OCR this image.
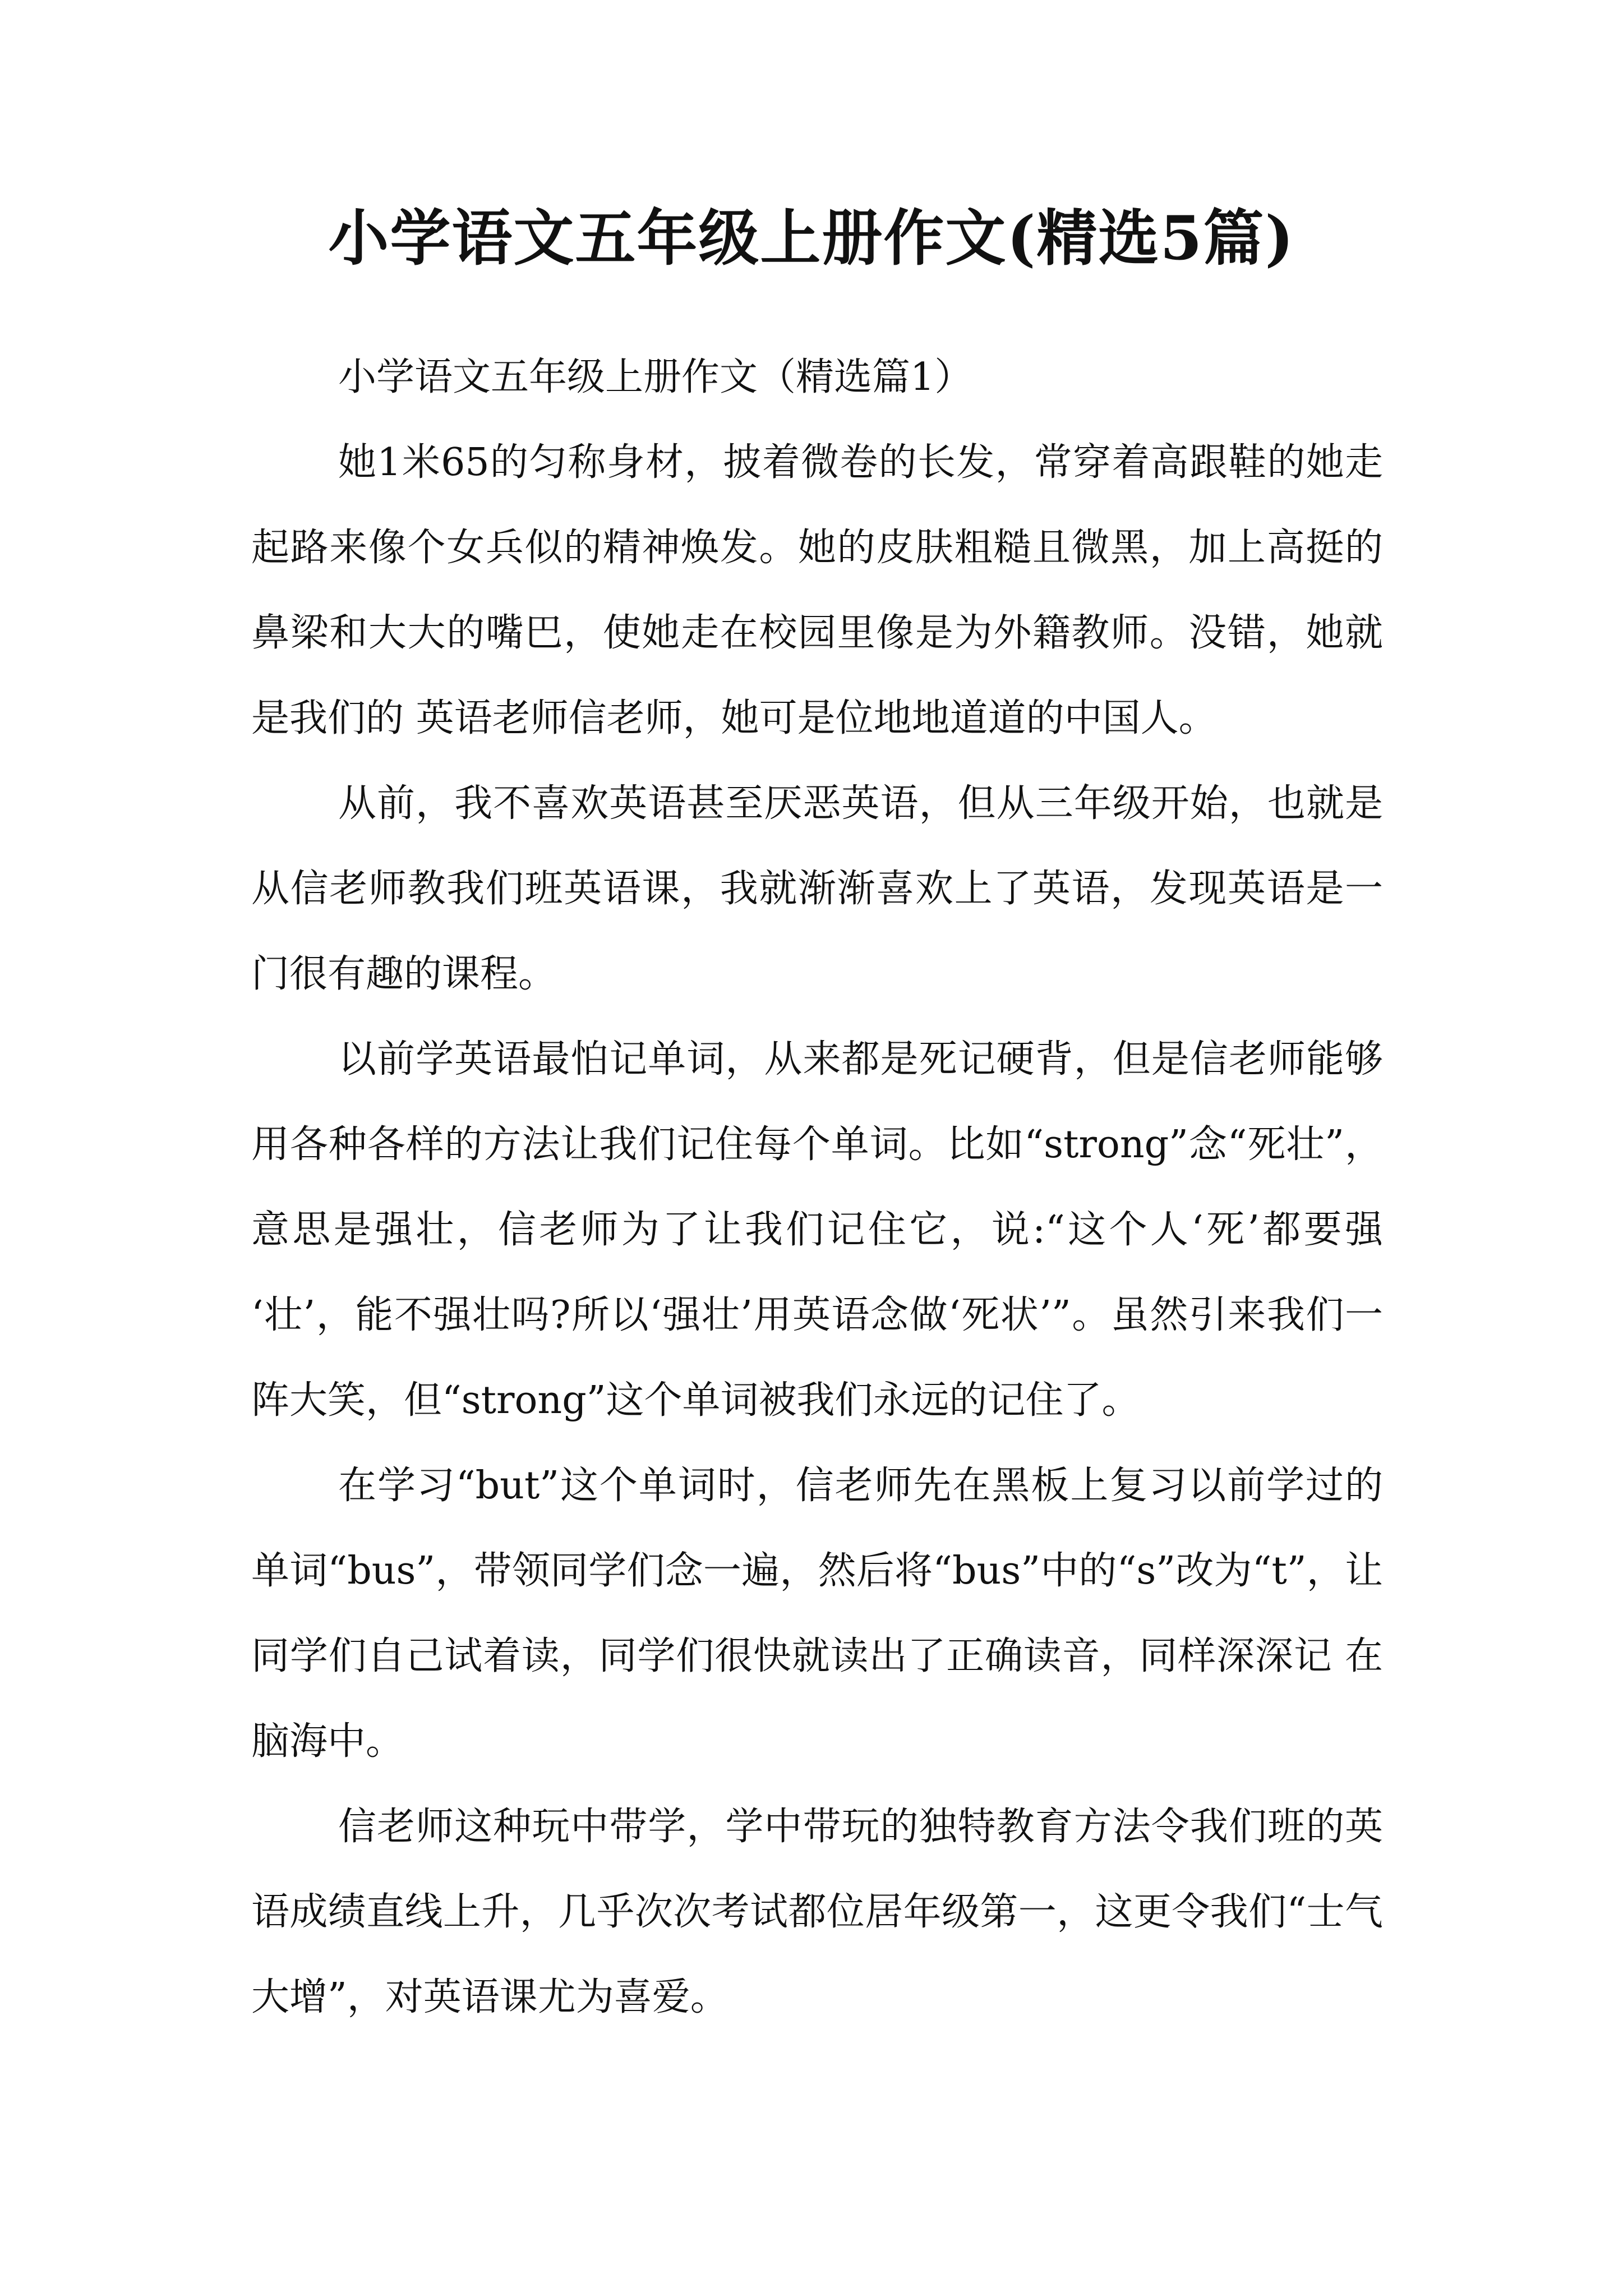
小学语文五年级上册作文(精选5篇)

小学语文五年级上册作文（精选篇1）

她1米65的匀称身材，披着微卷的长发，常穿着高跟鞋的她走起路来像个女兵似的精神焕发。她的皮肤粗糙且微黑，加上高挺的鼻梁和大大的嘴巴，使她走在校园里像是为外籍教师。没错，她就是我们的 英语老师信老师，她可是位地地道道的中国人。

从前，我不喜欢英语甚至厌恶英语，但从三年级开始，也就是从信老师教我们班英语课，我就渐渐喜欢上了英语，发现英语是一门很有趣的课程。

以前学英语最怕记单词，从来都是死记硬背，但是信老师能够用各种各样的方法让我们记住每个单词。比如“strong”念“死壮”，意思是强壮，信老师为了让我们记住它，说:“这个人‘死’都要强 ‘壮’，能不强壮吗?所以‘强壮’用英语念做‘死状’”。虽然引来我们一阵大笑，但“strong”这个单词被我们永远的记住了。

在学习“but”这个单词时，信老师先在黑板上复习以前学过的单词“bus”，带领同学们念一遍，然后将“bus”中的“s”改为“t”，让同学们自己试着读，同学们很快就读出了正确读音，同样深深记 在脑海中。

信老师这种玩中带学，学中带玩的独特教育方法令我们班的英语成绩直线上升，几乎次次考试都位居年级第一，这更令我们“士气大增”，对英语课尤为喜爱。
